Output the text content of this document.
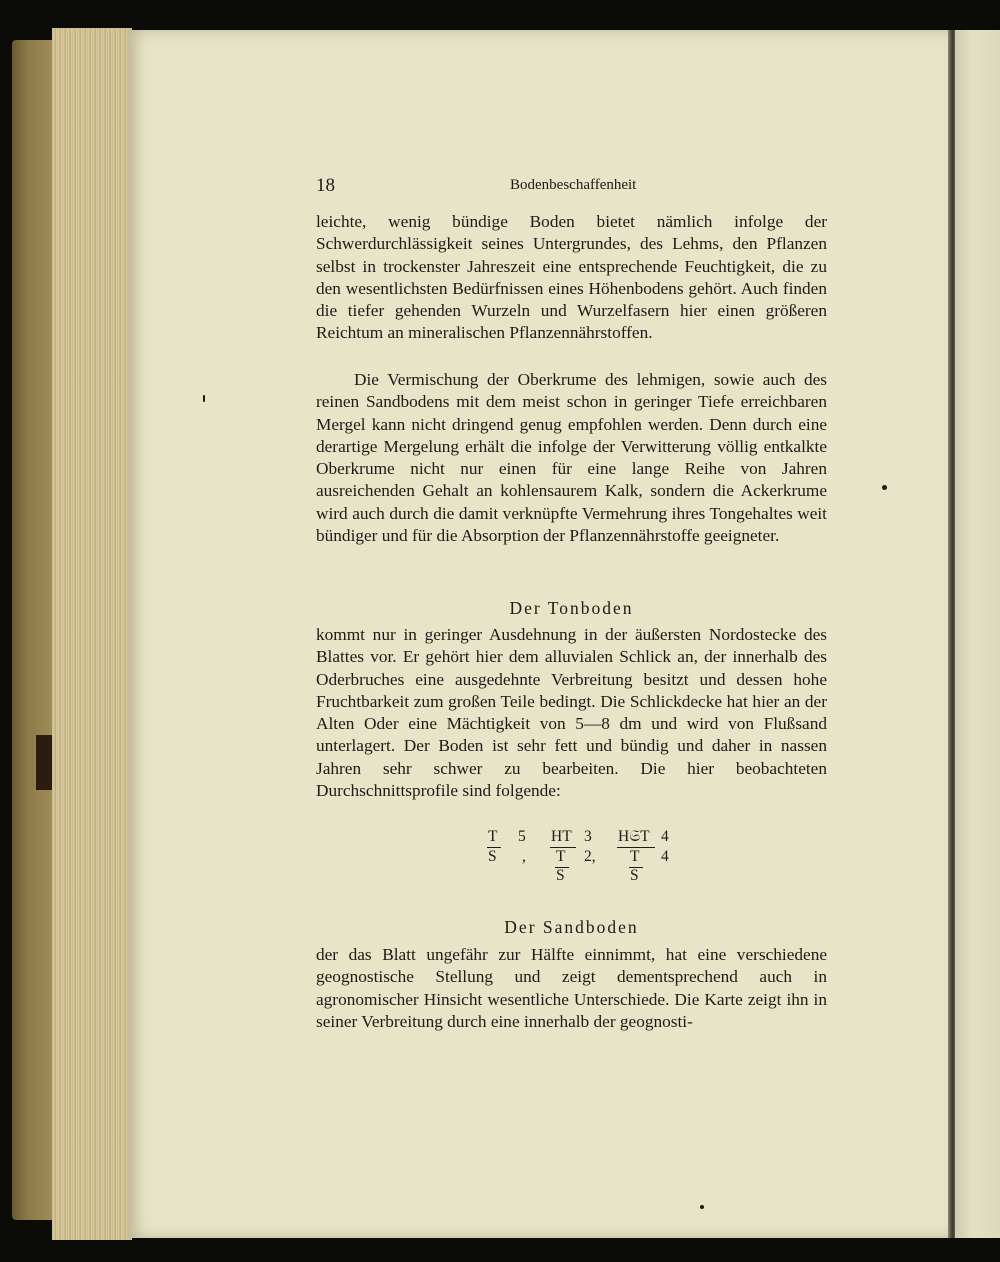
18	Bodenbeschaffenheit

leichte, wenig bündige Boden bietet nämlich infolge der Schwerdurchlässigkeit seines Untergrundes, des Lehms, den Pflanzen selbst in trockenster Jahreszeit eine entsprechende Feuchtigkeit, die zu den wesentlichsten Bedürfnissen eines Höhenbodens gehört. Auch finden die tiefer gehenden Wurzeln und Wurzelfasern hier einen größeren Reichtum an mineralischen Pflanzennährstoffen.

Die Vermischung der Oberkrume des lehmigen, sowie auch des reinen Sandbodens mit dem meist schon in geringer Tiefe erreichbaren Mergel kann nicht dringend genug empfohlen werden. Denn durch eine derartige Mergelung erhält die infolge der Verwitterung völlig entkalkte Oberkrume nicht nur einen für eine lange Reihe von Jahren ausreichenden Gehalt an kohlensaurem Kalk, sondern die Ackerkrume wird auch durch die damit verknüpfte Vermehrung ihres Tongehaltes weit bündiger und für die Absorption der Pflanzennährstoffe geeigneter.

Der Tonboden

kommt nur in geringer Ausdehnung in der äußersten Nordostecke des Blattes vor. Er gehört hier dem alluvialen Schlick an, der innerhalb des Oderbruches eine ausgedehnte Verbreitung besitzt und dessen hohe Fruchtbarkeit zum großen Teile bedingt. Die Schlickdecke hat hier an der Alten Oder eine Mächtigkeit von 5—8 dm und wird von Flußsand unterlagert. Der Boden ist sehr fett und bündig und daher in nassen Jahren sehr schwer zu bearbeiten. Die hier beobachteten Durchschnittsprofile sind folgende:

T 5
S ,
HT 3
T 2,
S
H𝔖T 4
T 4
S
Der Sandboden

der das Blatt ungefähr zur Hälfte einnimmt, hat eine verschiedene geognostische Stellung und zeigt dementsprechend auch in agronomischer Hinsicht wesentliche Unterschiede. Die Karte zeigt ihn in seiner Verbreitung durch eine innerhalb der geognosti-
